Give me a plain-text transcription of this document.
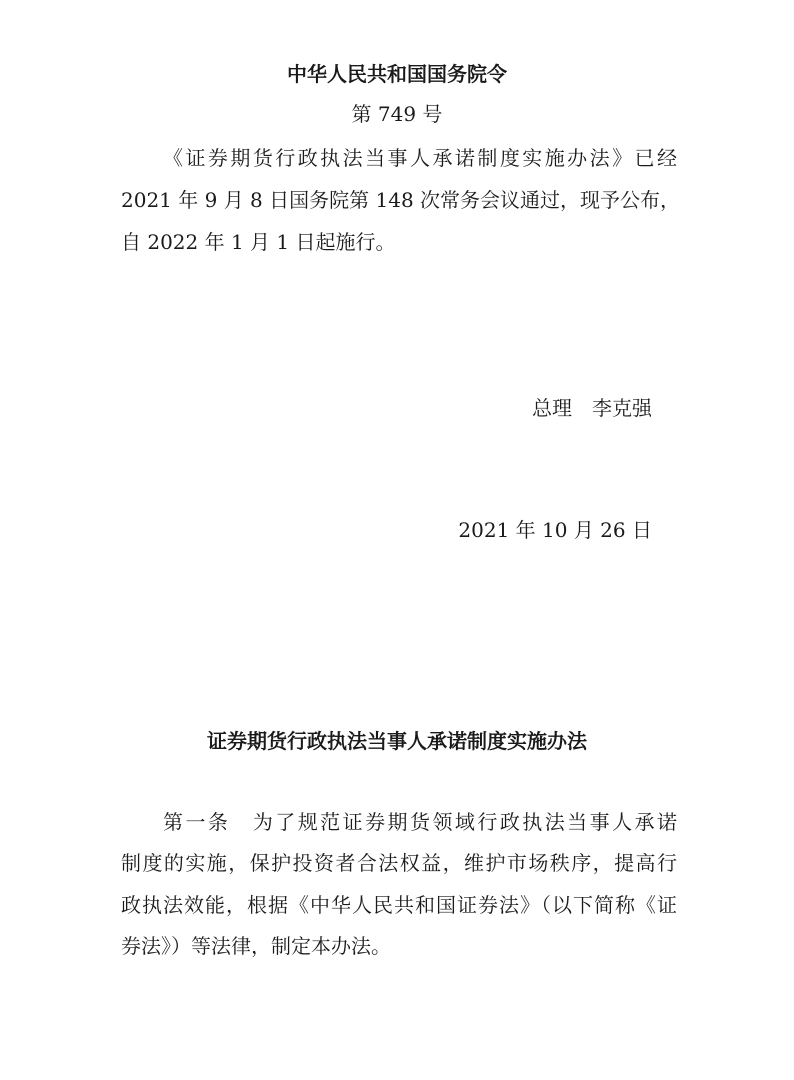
中华人民共和国国务院令
第 749 号
《证券期货行政执法当事人承诺制度实施办法》已经
2021 年 9 月 8 日国务院第 148 次常务会议通过，现予公布，
自 2022 年 1 月 1 日起施行。
总理　李克强
2021 年 10 月 26 日
证券期货行政执法当事人承诺制度实施办法
第一条　为了规范证券期货领域行政执法当事人承诺
制度的实施，保护投资者合法权益，维护市场秩序，提高行
政执法效能，根据《中华人民共和国证券法》（以下简称《证
券法》）等法律，制定本办法。
